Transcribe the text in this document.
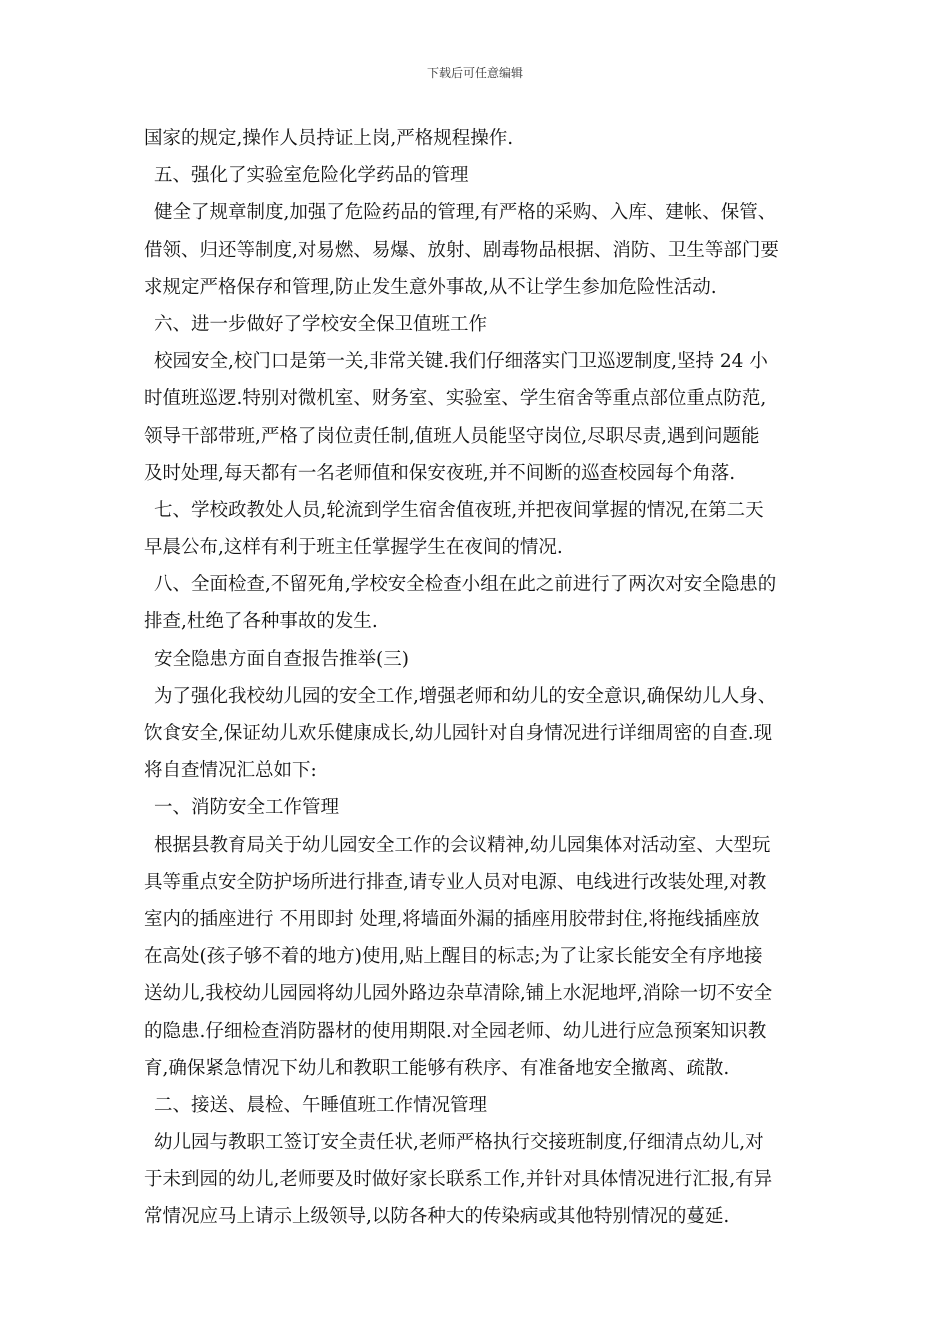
下载后可任意编辑
国家的规定,操作人员持证上岗,严格规程操作.
五、强化了实验室危险化学药品的管理
健全了规章制度,加强了危险药品的管理,有严格的采购、入库、建帐、保管、
借领、归还等制度,对易燃、易爆、放射、剧毒物品根据、消防、卫生等部门要
求规定严格保存和管理,防止发生意外事故,从不让学生参加危险性活动.
六、进一步做好了学校安全保卫值班工作
校园安全,校门口是第一关,非常关键.我们仔细落实门卫巡逻制度,坚持 24 小
时值班巡逻.特别对微机室、财务室、实验室、学生宿舍等重点部位重点防范,
领导干部带班,严格了岗位责任制,值班人员能坚守岗位,尽职尽责,遇到问题能
及时处理,每天都有一名老师值和保安夜班,并不间断的巡查校园每个角落.
七、学校政教处人员,轮流到学生宿舍值夜班,并把夜间掌握的情况,在第二天
早晨公布,这样有利于班主任掌握学生在夜间的情况.
八、全面检查,不留死角,学校安全检查小组在此之前进行了两次对安全隐患的
排查,杜绝了各种事故的发生.
安全隐患方面自查报告推举(三)
为了强化我校幼儿园的安全工作,增强老师和幼儿的安全意识,确保幼儿人身、
饮食安全,保证幼儿欢乐健康成长,幼儿园针对自身情况进行详细周密的自查.现
将自查情况汇总如下:
一、消防安全工作管理
根据县教育局关于幼儿园安全工作的会议精神,幼儿园集体对活动室、大型玩
具等重点安全防护场所进行排查,请专业人员对电源、电线进行改装处理,对教
室内的插座进行 不用即封 处理,将墙面外漏的插座用胶带封住,将拖线插座放
在高处(孩子够不着的地方)使用,贴上醒目的标志;为了让家长能安全有序地接
送幼儿,我校幼儿园园将幼儿园外路边杂草清除,铺上水泥地坪,消除一切不安全
的隐患.仔细检查消防器材的使用期限.对全园老师、幼儿进行应急预案知识教
育,确保紧急情况下幼儿和教职工能够有秩序、有准备地安全撤离、疏散.
二、接送、晨检、午睡值班工作情况管理
幼儿园与教职工签订安全责任状,老师严格执行交接班制度,仔细清点幼儿,对
于未到园的幼儿,老师要及时做好家长联系工作,并针对具体情况进行汇报,有异
常情况应马上请示上级领导,以防各种大的传染病或其他特别情况的蔓延.
